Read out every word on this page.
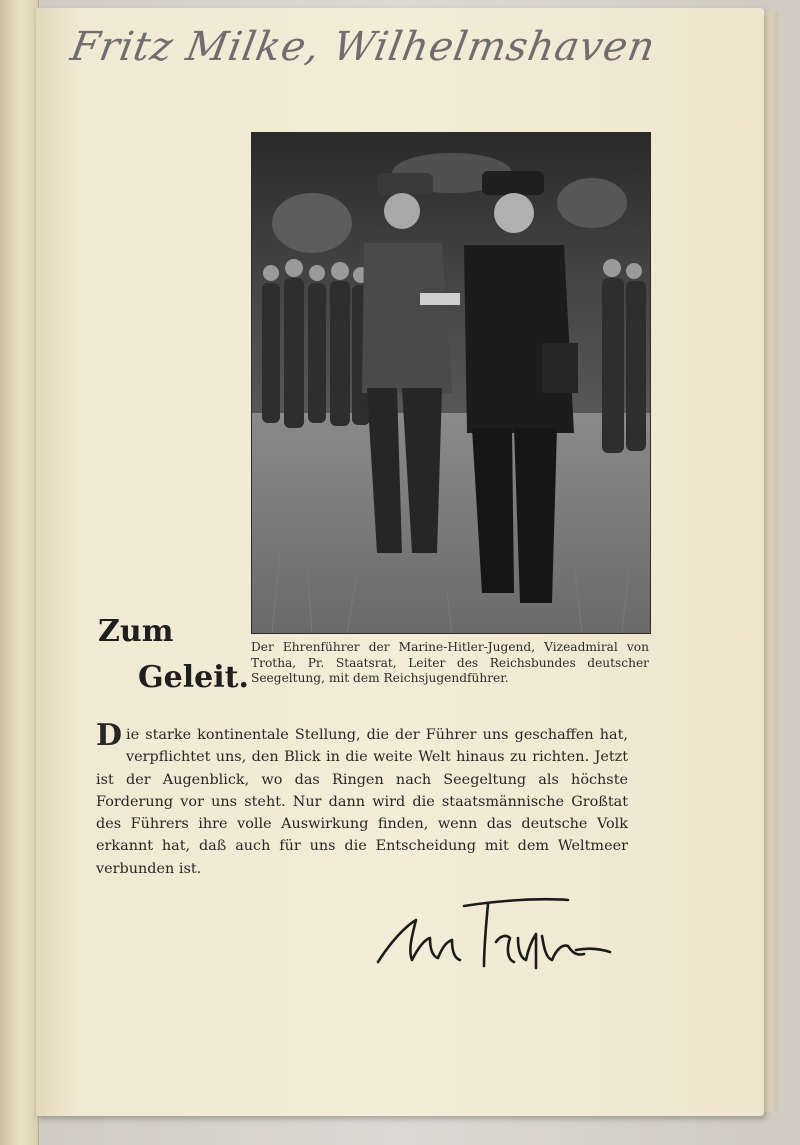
Fritz Milke, Wilhelmshaven
Zum
Geleit.
Der Ehrenführer der Marine-Hitler-Jugend, Vizeadmiral von Trotha, Pr. Staatsrat, Leiter des Reichsbundes deutscher Seegeltung, mit dem Reichsjugendführer.
Die starke kontinentale Stellung, die der Führer uns geschaffen hat, verpflichtet uns, den Blick in die weite Welt hinaus zu richten. Jetzt ist der Augenblick, wo das Ringen nach Seegeltung als höchste Forderung vor uns steht. Nur dann wird die staatsmännische Großtat des Führers ihre volle Auswirkung finden, wenn das deutsche Volk erkannt hat, daß auch für uns die Entscheidung mit dem Weltmeer verbunden ist.
